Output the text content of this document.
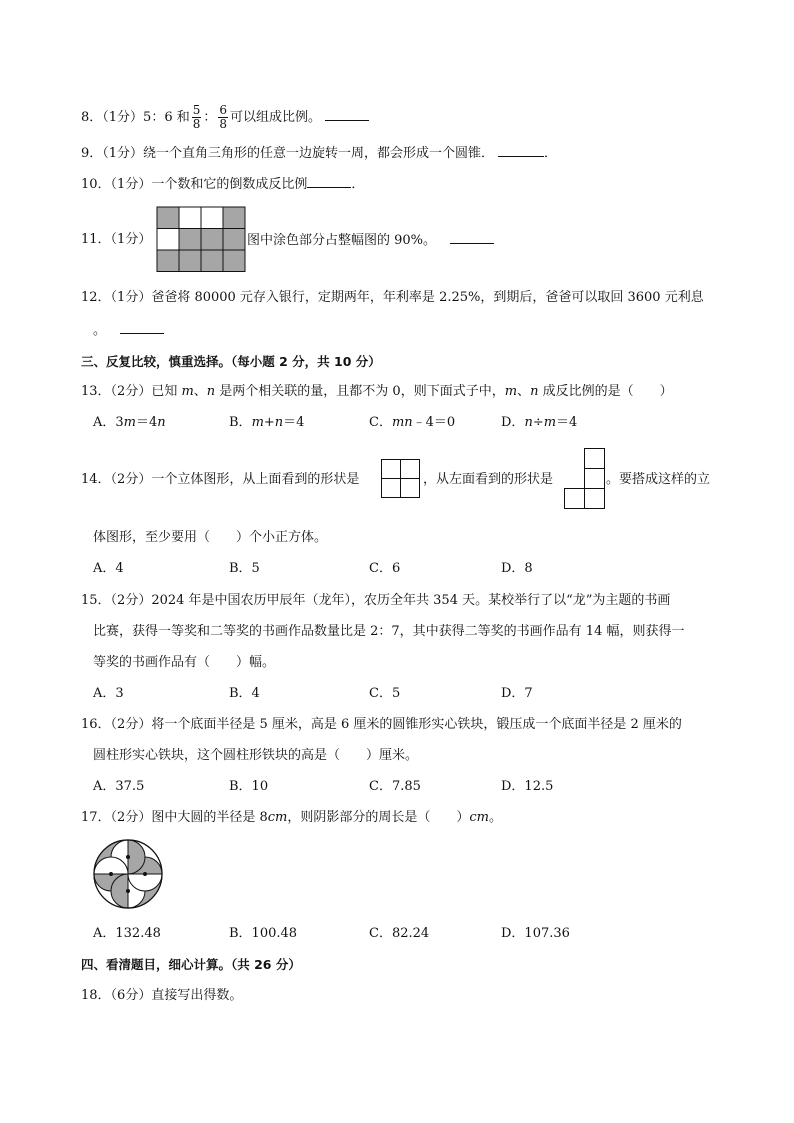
8．（1分）5：6 和 $\frac{5}{8}$ ： $\frac{6}{8}$ 可以组成比例。
9．（1分）绕一个直角三角形的任意一边旋转一周，都会形成一个圆锥．	．
10．（1分）一个数和它的倒数成反比例	．
11．（1分）	图中涂色部分占整幅图的 90%。
12．（1分）爸爸将 80000 元存入银行，定期两年，年利率是 2.25%，到期后，爸爸可以取回 3600 元利息
。
三、反复比较，慎重选择。（每小题 2 分，共 10 分）
13．（2分）已知 m、n 是两个相关联的量，且都不为 0，则下面式子中，m、n 成反比例的是（　　）
A．3m＝4n	B．m+n＝4	C．mn﹣4＝0	D．n÷m＝4
14．（2分）一个立体图形，从上面看到的形状是	，从左面看到的形状是	。要搭成这样的立
体图形，至少要用（　　）个小正方体。
A．4	B．5	C．6	D．8
15．（2分）2024 年是中国农历甲辰年（龙年），农历全年共 354 天。某校举行了以“龙”为主题的书画
比赛，获得一等奖和二等奖的书画作品数量比是 2：7，其中获得二等奖的书画作品有 14 幅，则获得一
等奖的书画作品有（　　）幅。
A．3	B．4	C．5	D．7
16．（2分）将一个底面半径是 5 厘米，高是 6 厘米的圆锥形实心铁块，锻压成一个底面半径是 2 厘米的
圆柱形实心铁块，这个圆柱形铁块的高是（　　）厘米。
A．37.5	B．10	C．7.85	D．12.5
17．（2分）图中大圆的半径是 8cm，则阴影部分的周长是（　　）cm。
A．132.48	B．100.48	C．82.24	D．107.36
四、看清题目，细心计算。（共 26 分）
18．（6分）直接写出得数。
